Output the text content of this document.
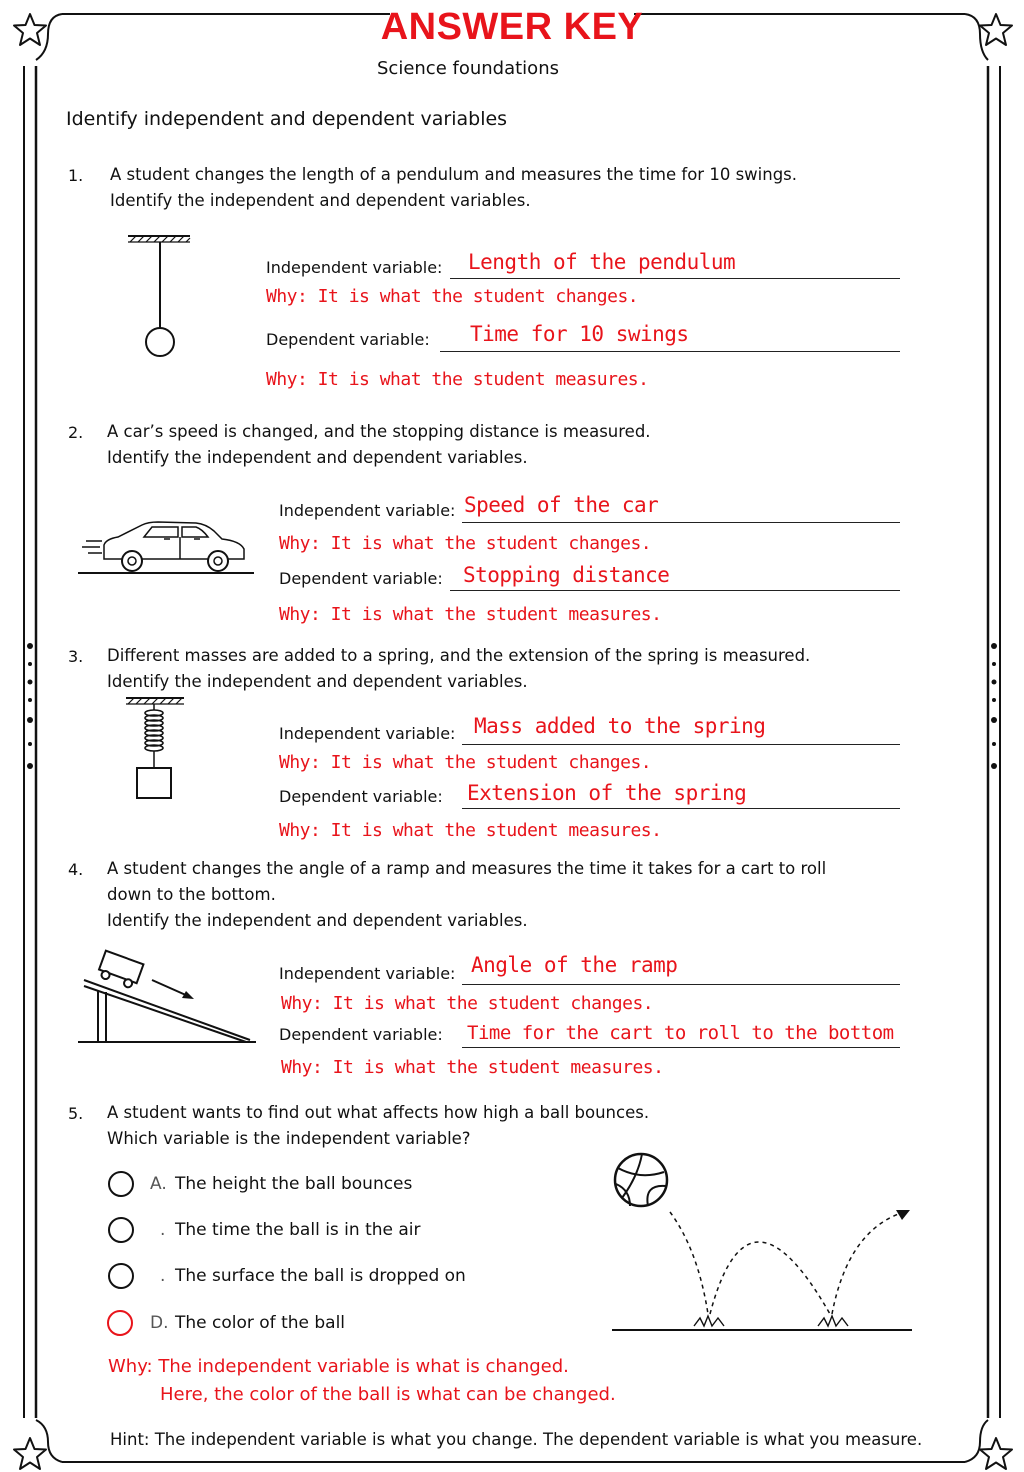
ANSWER KEY
Science foundations
Identify independent and dependent variables
1. A student changes the length of a pendulum and measures the time for 10 swings.
Identify the independent and dependent variables.
Independent variable: Length of the pendulum
Why: It is what the student changes.
Dependent variable: Time for 10 swings
Why: It is what the student measures.
2. A car’s speed is changed, and the stopping distance is measured.
Identify the independent and dependent variables.
Independent variable: Speed of the car
Why: It is what the student changes.
Dependent variable: Stopping distance
Why: It is what the student measures.
3. Different masses are added to a spring, and the extension of the spring is measured.
Identify the independent and dependent variables.
Independent variable: Mass added to the spring
Why: It is what the student changes.
Dependent variable: Extension of the spring
Why: It is what the student measures.
4. A student changes the angle of a ramp and measures the time it takes for a cart to roll
down to the bottom.
Identify the independent and dependent variables.
Independent variable: Angle of the ramp
Why: It is what the student changes.
Dependent variable: Time for the cart to roll to the bottom
Why: It is what the student measures.
5. A student wants to find out what affects how high a ball bounces.
Which variable is the independent variable?
A. The height the ball bounces
. The time the ball is in the air
. The surface the ball is dropped on
D. The color of the ball
Why: The independent variable is what is changed.
Here, the color of the ball is what can be changed.
Hint: The independent variable is what you change. The dependent variable is what you measure.
